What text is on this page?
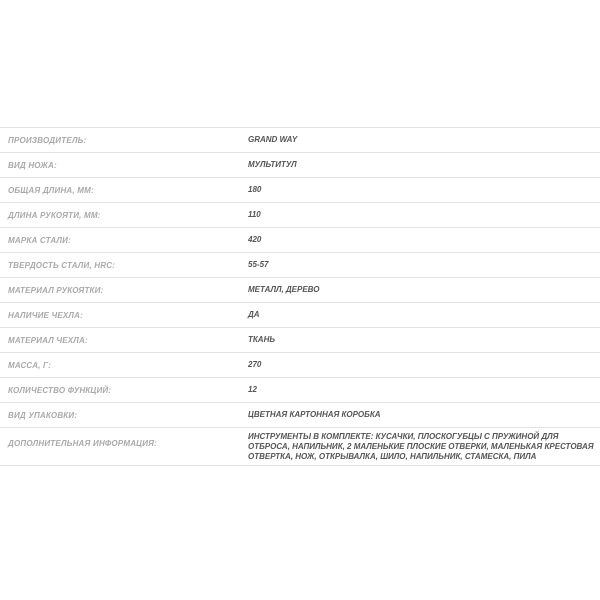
ПРОИЗВОДИТЕЛЬ:	GRAND WAY
ВИД НОЖА:	МУЛЬТИТУЛ
ОБЩАЯ ДЛИНА, ММ:	180
ДЛИНА РУКОЯТИ, ММ:	110
МАРКА СТАЛИ:	420
ТВЕРДОСТЬ СТАЛИ, HRC:	55-57
МАТЕРИАЛ РУКОЯТКИ:	МЕТАЛЛ, ДЕРЕВО
НАЛИЧИЕ ЧЕХЛА:	ДА
МАТЕРИАЛ ЧЕХЛА:	ТКАНЬ
МАССА, Г:	270
КОЛИЧЕСТВО ФУНКЦИЙ:	12
ВИД УПАКОВКИ:	ЦВЕТНАЯ КАРТОННАЯ КОРОБКА
ДОПОЛНИТЕЛЬНАЯ ИНФОРМАЦИЯ:
ИНСТРУМЕНТЫ В КОМПЛЕКТЕ: КУСАЧКИ, ПЛОСКОГУБЦЫ С ПРУЖИНОЙ ДЛЯ ОТБРОСА, НАПИЛЬНИК, 2 МАЛЕНЬКИЕ ПЛОСКИЕ ОТВЕРКИ, МАЛЕНЬКАЯ КРЕСТОВАЯ ОТВЕРТКА, НОЖ, ОТКРЫВАЛКА, ШИЛО, НАПИЛЬНИК, СТАМЕСКА, ПИЛА
